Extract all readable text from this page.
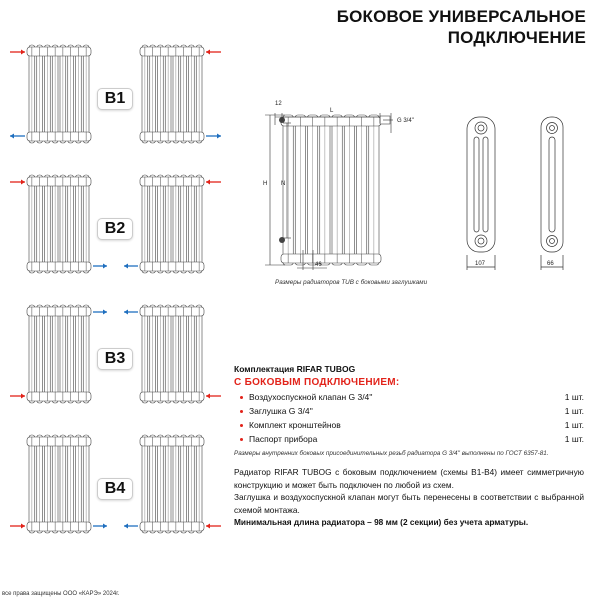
БОКОВОЕ УНИВЕРСАЛЬНОЕ
ПОДКЛЮЧЕНИЕ
B1
B2
B3
B4
12
L
G 3/4''
H N
46	107	66
Размеры радиаторов TUB с боковыми заглушками
Комплектация RIFAR TUBOG
С БОКОВЫМ ПОДКЛЮЧЕНИЕМ:
Воздухоспускной клапан G 3/4''	1 шт.
Заглушка G 3/4''	1 шт.
Комплект кронштейнов	1 шт.
Паспорт прибора	1 шт.
Размеры внутренних боковых присоединительных резьб радиатора G 3/4'' выполнены по ГОСТ 6357-81.
Радиатор RIFAR TUBOG с боковым подключением (схемы B1-B4) имеет симметричную конструкцию и может быть подключен по любой из схем.
Заглушка и воздухоспускной клапан могут быть перенесены в соответствии с выбранной схемой монтажа.
Минимальная длина радиатора – 98 мм (2 секции) без учета арматуры.
все права защищены ООО «КАРЭ» 2024г.
